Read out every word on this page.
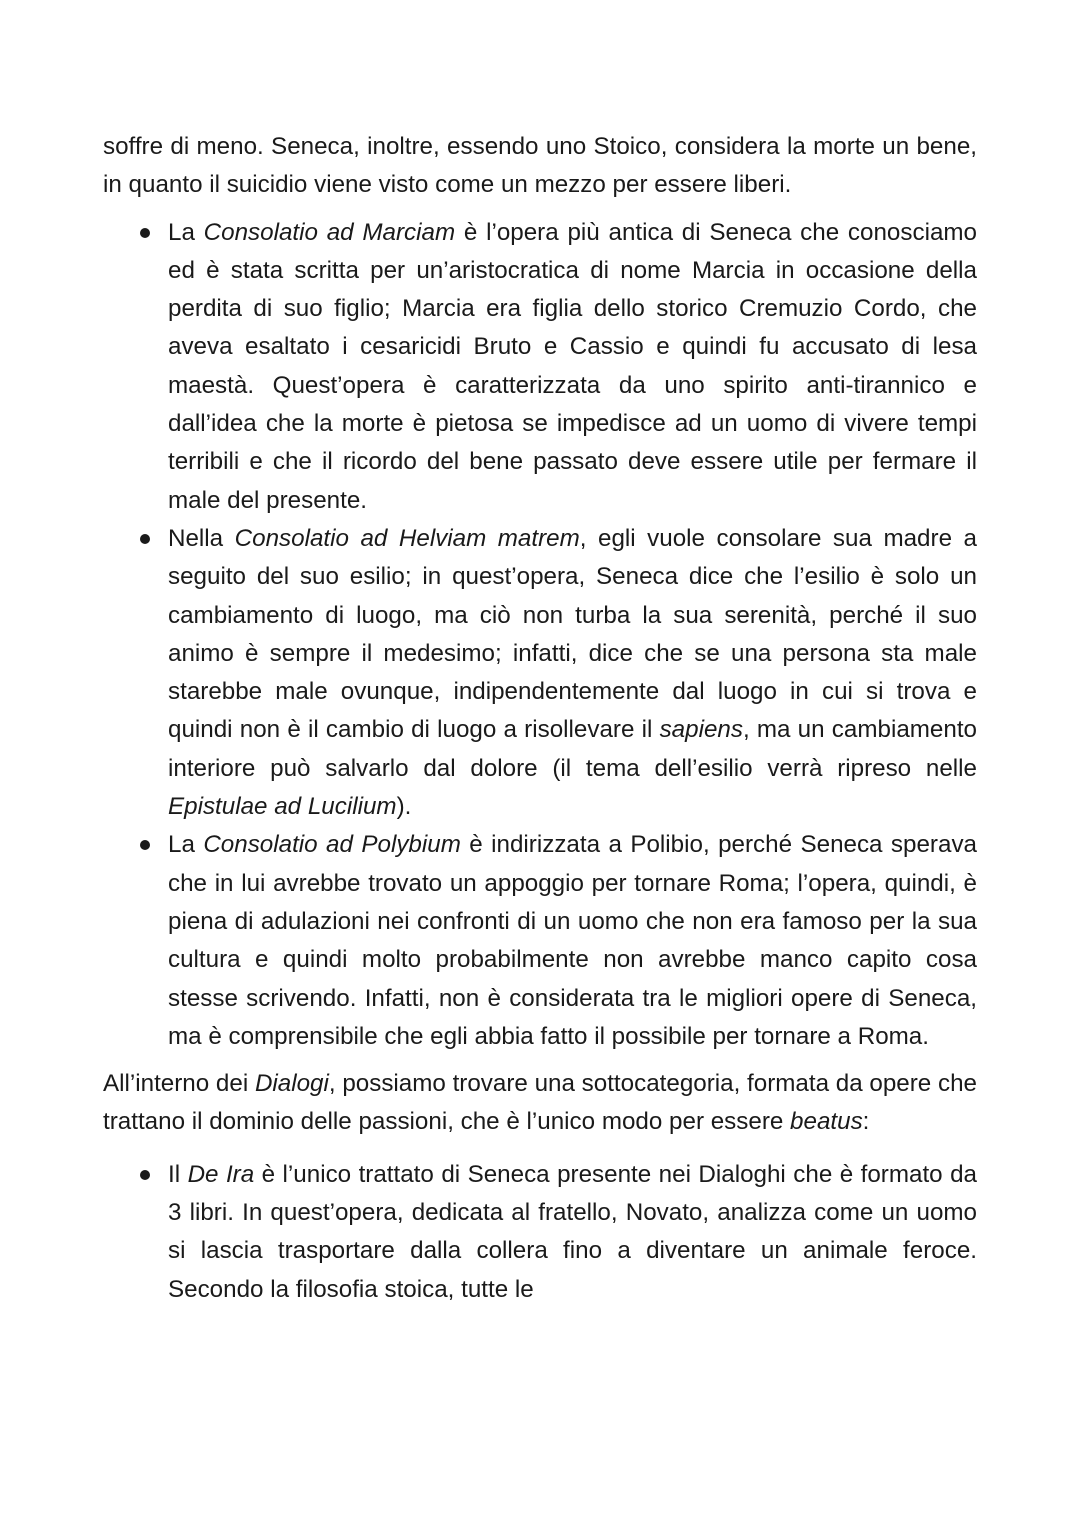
soffre di meno. Seneca, inoltre, essendo uno Stoico, considera la morte un bene, in quanto il suicidio viene visto come un mezzo per essere liberi.

La Consolatio ad Marciam è l’opera più antica di Seneca che conosciamo ed è stata scritta per un’aristocratica di nome Marcia in occasione della perdita di suo figlio; Marcia era figlia dello storico Cremuzio Cordo, che aveva esaltato i cesaricidi Bruto e Cassio e quindi fu accusato di lesa maestà. Quest’opera è caratterizzata da uno spirito anti-tirannico e dall’idea che la morte è pietosa se impedisce ad un uomo di vivere tempi terribili e che il ricordo del bene passato deve essere utile per fermare il male del presente.
Nella Consolatio ad Helviam matrem, egli vuole consolare sua madre a seguito del suo esilio; in quest’opera, Seneca dice che l’esilio è solo un cambiamento di luogo, ma ciò non turba la sua serenità, perché il suo animo è sempre il medesimo; infatti, dice che se una persona sta male starebbe male ovunque, indipendentemente dal luogo in cui si trova e quindi non è il cambio di luogo a risollevare il sapiens, ma un cambiamento interiore può salvarlo dal dolore (il tema dell’esilio verrà ripreso nelle Epistulae ad Lucilium).
La Consolatio ad Polybium è indirizzata a Polibio, perché Seneca sperava che in lui avrebbe trovato un appoggio per tornare Roma; l’opera, quindi, è piena di adulazioni nei confronti di un uomo che non era famoso per la sua cultura e quindi molto probabilmente non avrebbe manco capito cosa stesse scrivendo. Infatti, non è considerata tra le migliori opere di Seneca, ma è comprensibile che egli abbia fatto il possibile per tornare a Roma.

All’interno dei Dialogi, possiamo trovare una sottocategoria, formata da opere che trattano il dominio delle passioni, che è l’unico modo per essere beatus:

Il De Ira è l’unico trattato di Seneca presente nei Dialoghi che è formato da 3 libri. In quest’opera, dedicata al fratello, Novato, analizza come un uomo si lascia trasportare dalla collera fino a diventare un animale feroce. Secondo la filosofia stoica, tutte le
